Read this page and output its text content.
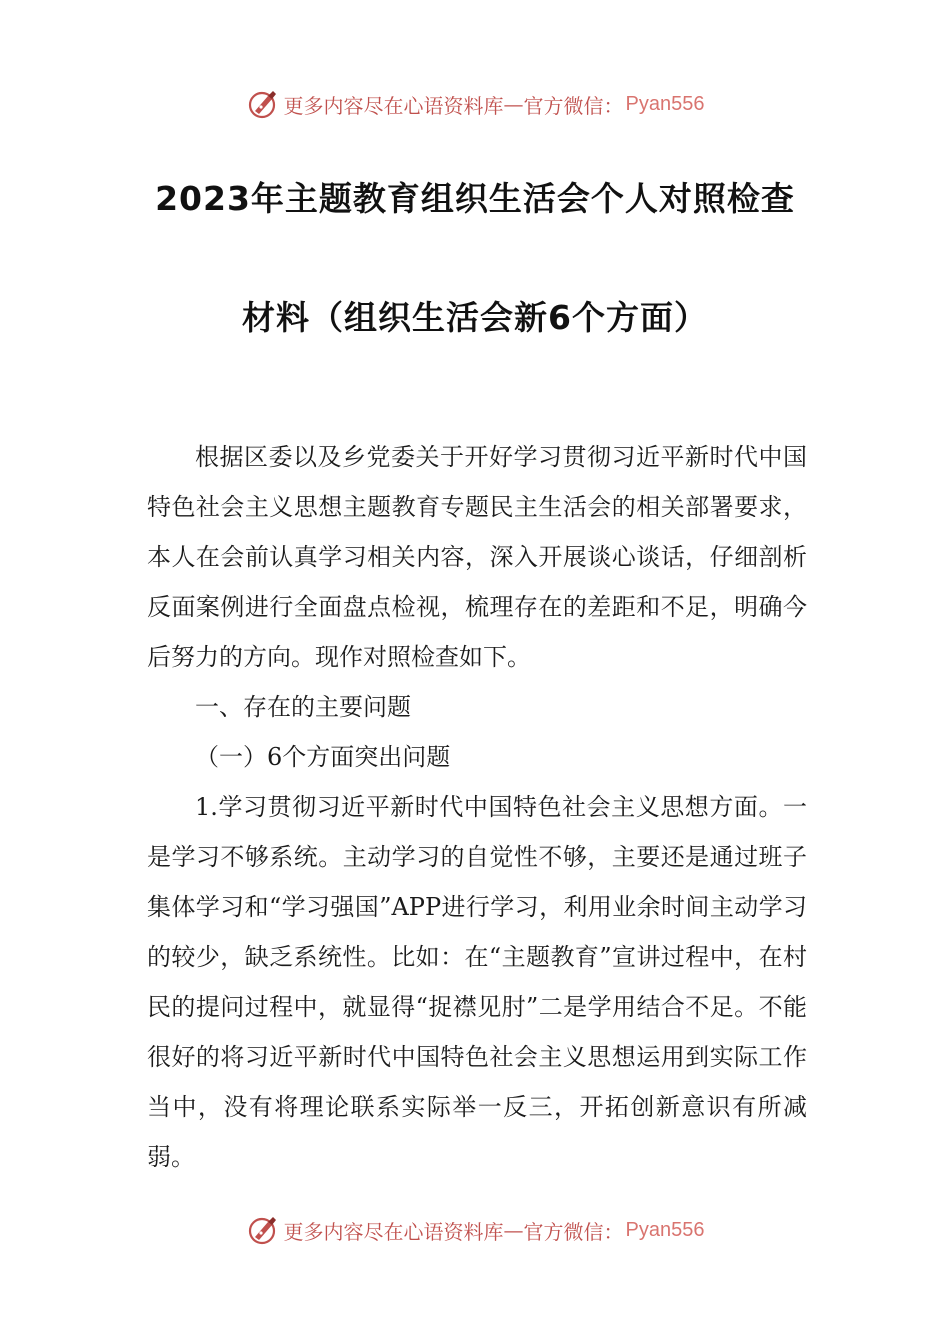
更多内容尽在心语资料库 — 官方微信： Pyan556
2023年主题教育组织生活会个人对照检查
材料（组织生活会新6个方面）

根据区委以及乡党委关于开好学习贯彻习近平新时代中国特色社会主义思想主题教育专题民主生活会的相关部署要求，本人在会前认真学习相关内容，深入开展谈心谈话，仔细剖析反面案例进行全面盘点检视，梳理存在的差距和不足，明确今后努力的方向。现作对照检查如下。

一、存在的主要问题

（一）6个方面突出问题

1.学习贯彻习近平新时代中国特色社会主义思想方面。一是学习不够系统。主动学习的自觉性不够，主要还是通过班子集体学习和“学习强国”APP进行学习，利用业余时间主动学习的较少，缺乏系统性。比如：在“主题教育”宣讲过程中，在村民的提问过程中，就显得“捉襟见肘”二是学用结合不足。不能很好的将习近平新时代中国特色社会主义思想运用到实际工作当中，没有将理论联系实际举一反三，开拓创新意识有所减弱。

更多内容尽在心语资料库 — 官方微信： Pyan556
